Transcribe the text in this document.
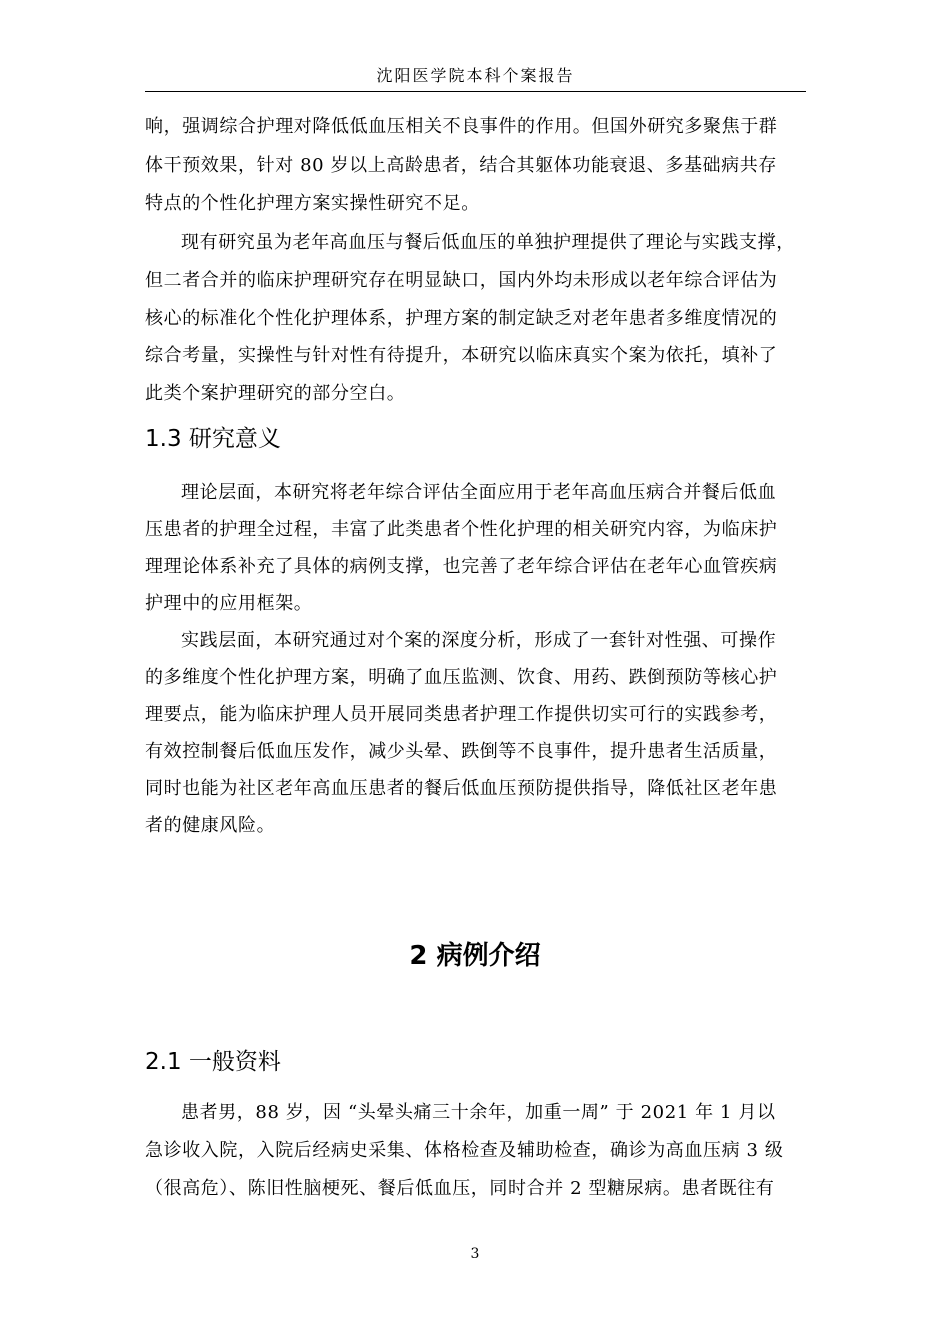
沈阳医学院本科个案报告
响，强调综合护理对降低低血压相关不良事件的作用。但国外研究多聚焦于群
体干预效果，针对 80 岁以上高龄患者，结合其躯体功能衰退、多基础病共存
特点的个性化护理方案实操性研究不足。
现有研究虽为老年高血压与餐后低血压的单独护理提供了理论与实践支撑，
但二者合并的临床护理研究存在明显缺口，国内外均未形成以老年综合评估为
核心的标准化个性化护理体系，护理方案的制定缺乏对老年患者多维度情况的
综合考量，实操性与针对性有待提升，本研究以临床真实个案为依托，填补了
此类个案护理研究的部分空白。
1.3 研究意义
理论层面，本研究将老年综合评估全面应用于老年高血压病合并餐后低血
压患者的护理全过程，丰富了此类患者个性化护理的相关研究内容，为临床护
理理论体系补充了具体的病例支撑，也完善了老年综合评估在老年心血管疾病
护理中的应用框架。
实践层面，本研究通过对个案的深度分析，形成了一套针对性强、可操作
的多维度个性化护理方案，明确了血压监测、饮食、用药、跌倒预防等核心护
理要点，能为临床护理人员开展同类患者护理工作提供切实可行的实践参考，
有效控制餐后低血压发作，减少头晕、跌倒等不良事件，提升患者生活质量，
同时也能为社区老年高血压患者的餐后低血压预防提供指导，降低社区老年患
者的健康风险。
2 病例介绍
2.1 一般资料
患者男，88 岁，因 “头晕头痛三十余年，加重一周” 于 2021 年 1 月以
急诊收入院，入院后经病史采集、体格检查及辅助检查，确诊为高血压病 3 级
（很高危）、陈旧性脑梗死、餐后低血压，同时合并 2 型糖尿病。患者既往有
3
